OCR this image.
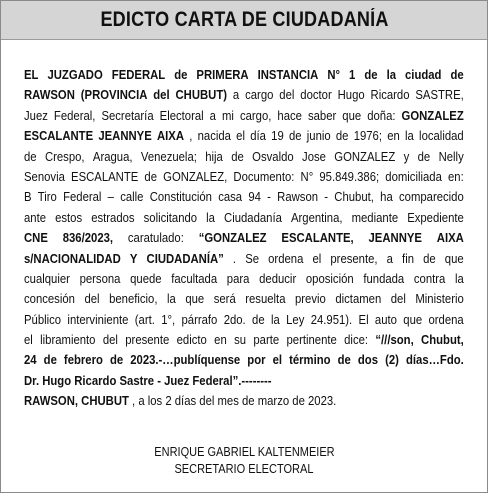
EDICTO CARTA DE CIUDADANÍA
EL JUZGADO FEDERAL de PRIMERA INSTANCIA N° 1 de la ciudad de
RAWSON (PROVINCIA del CHUBUT) a cargo del doctor Hugo Ricardo SASTRE,
Juez Federal, Secretaría Electoral a mi cargo, hace saber que doña: GONZALEZ
ESCALANTE JEANNYE AIXA , nacida el día 19 de junio de 1976; en la localidad
de Crespo, Aragua, Venezuela; hija de Osvaldo Jose GONZALEZ y de Nelly
Senovia ESCALANTE de GONZALEZ, Documento: N° 95.849.386; domiciliada en:
B Tiro Federal – calle Constitución casa 94 - Rawson - Chubut, ha comparecido
ante estos estrados solicitando la Ciudadanía Argentina, mediante Expediente
CNE 836/2023, caratulado: “GONZALEZ ESCALANTE, JEANNYE AIXA
s/NACIONALIDAD Y CIUDADANÍA” . Se ordena el presente, a fin de que
cualquier persona quede facultada para deducir oposición fundada contra la
concesión del beneficio, la que será resuelta previo dictamen del Ministerio
Público interviniente (art. 1°, párrafo 2do. de la Ley 24.951). El auto que ordena
el libramiento del presente edicto en su parte pertinente dice: “///son, Chubut,
24 de febrero de 2023.-…publíquense por el término de dos (2) días…Fdo.
Dr. Hugo Ricardo Sastre - Juez Federal”.--------
RAWSON, CHUBUT , a los 2 días del mes de marzo de 2023.
ENRIQUE GABRIEL KALTENMEIER
SECRETARIO ELECTORAL
